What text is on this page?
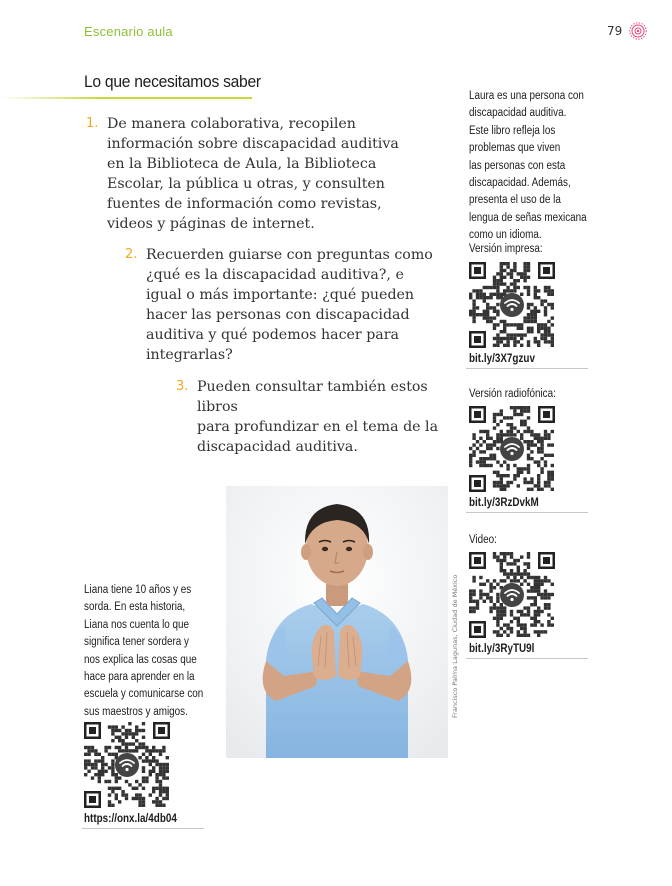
Escenario aula	79
Lo que necesitamos saber
1. De manera colaborativa, recopilen
información sobre discapacidad auditiva
en la Biblioteca de Aula, la Biblioteca
Escolar, la pública u otras, y consulten
fuentes de información como revistas,
videos y páginas de internet.
2. Recuerden guiarse con preguntas como
¿qué es la discapacidad auditiva?, e
igual o más importante: ¿qué pueden
hacer las personas con discapacidad
auditiva y qué podemos hacer para
integrarlas?
3. Pueden consultar también estos libros
para profundizar en el tema de la
discapacidad auditiva.
Laura es una persona con
discapacidad auditiva.
Este libro refleja los
problemas que viven
las personas con esta
discapacidad. Además,
presenta el uso de la
lengua de señas mexicana
como un idioma.
Versión impresa:
bit.ly/3X7gzuv
Versión radiofónica:
bit.ly/3RzDvkM
Video:
bit.ly/3RyTU9l
Liana tiene 10 años y es
sorda. En esta historia,
Liana nos cuenta lo que
significa tener sordera y
nos explica las cosas que
hace para aprender en la
escuela y comunicarse con
sus maestros y amigos.
https://onx.la/4db04
Francisco Palma Lagunas, Ciudad de México
